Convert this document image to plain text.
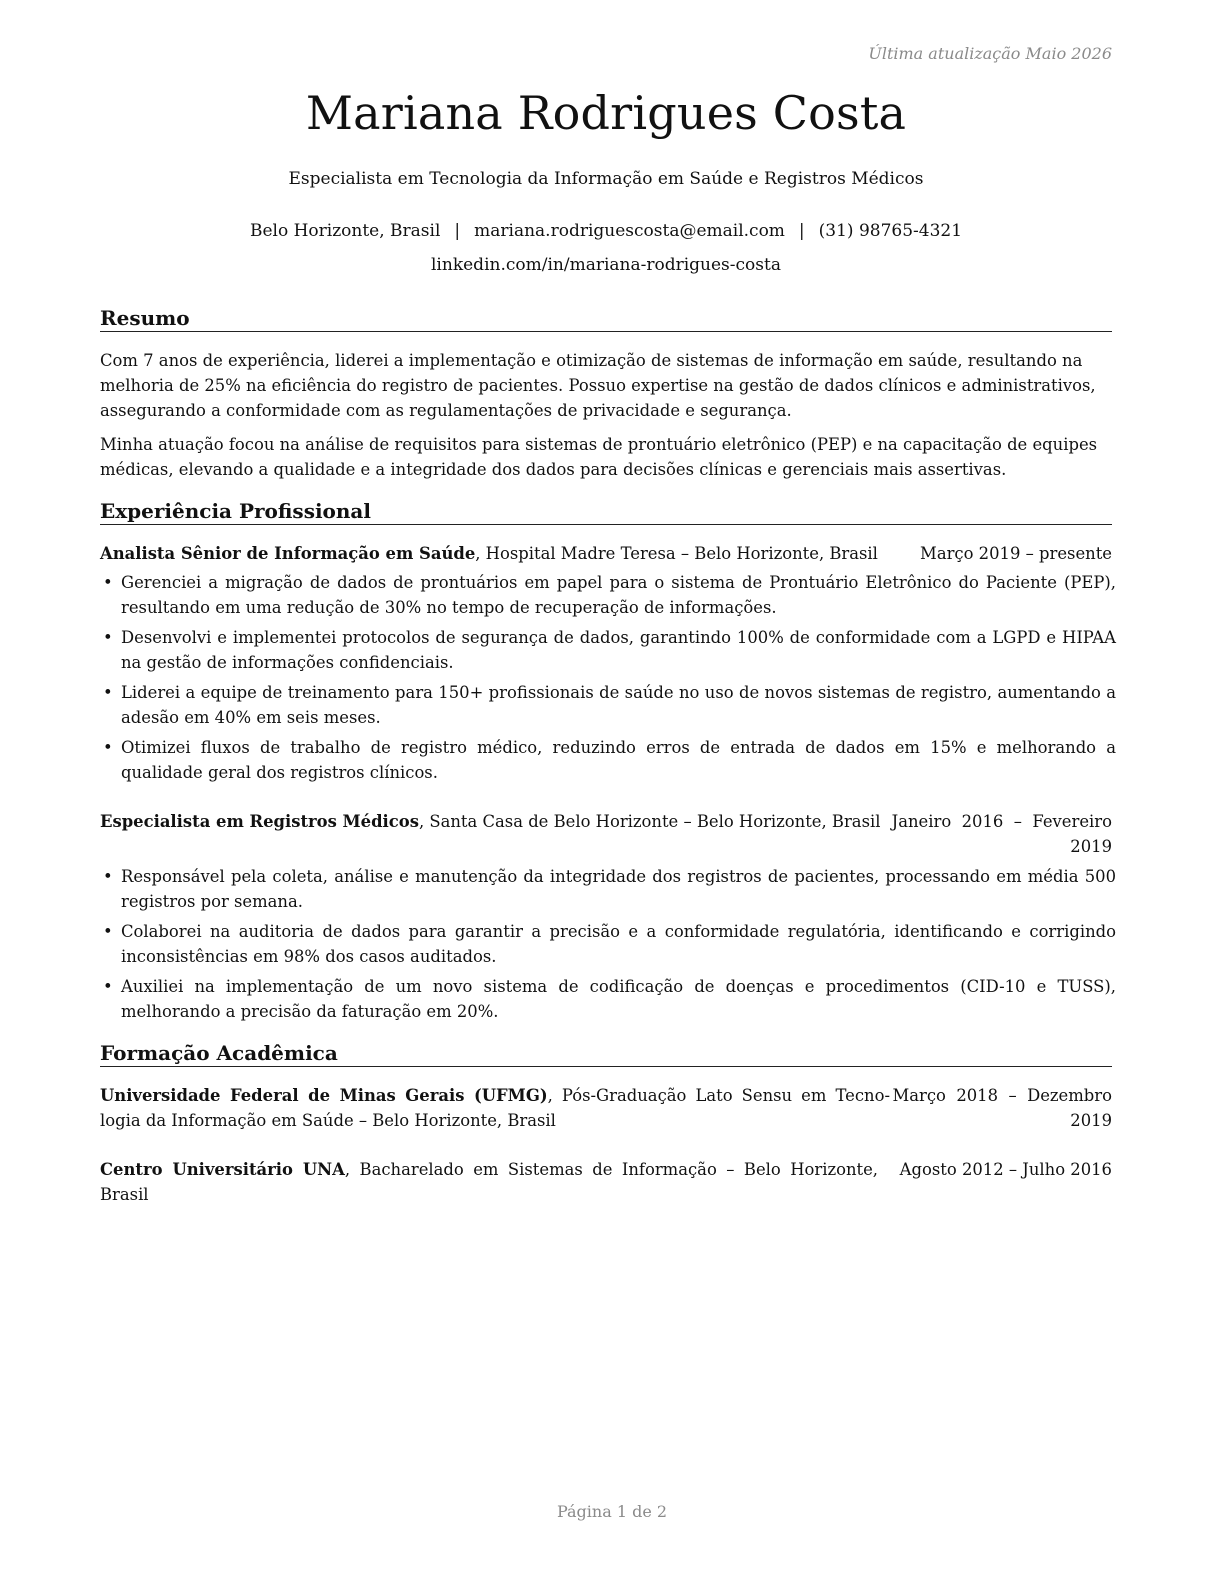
Última atualização Maio 2026
Mariana Rodrigues Costa
Especialista em Tecnologia da Informação em Saúde e Registros Médicos
Belo Horizonte, Brasil | mariana.rodriguescosta@email.com | (31) 98765-4321
linkedin.com/in/mariana-rodrigues-costa
Resumo
Com 7 anos de experiência, liderei a implementação e otimização de sistemas de informação em saúde, resultando na melhoria de 25% na eficiência do registro de pacientes. Possuo expertise na gestão de dados clínicos e administrativos, assegurando a conformidade com as regulamentações de privacidade e segurança.
Minha atuação focou na análise de requisitos para sistemas de prontuário eletrônico (PEP) e na capacitação de equipes médicas, elevando a qualidade e a integridade dos dados para decisões clínicas e gerenciais mais assertivas.
Experiência Profissional
Analista Sênior de Informação em Saúde, Hospital Madre Teresa – Belo Horizonte, Brasil	Março 2019 – presente
• Gerenciei a migração de dados de prontuários em papel para o sistema de Prontuário Eletrônico do Paciente (PEP), resultando em uma redução de 30% no tempo de recuperação de informações.
• Desenvolvi e implementei protocolos de segurança de dados, garantindo 100% de conformidade com a LGPD e HIPAA na gestão de informações confidenciais.
• Liderei a equipe de treinamento para 150+ profissionais de saúde no uso de novos sistemas de registro, aumentando a adesão em 40% em seis meses.
• Otimizei fluxos de trabalho de registro médico, reduzindo erros de entrada de dados em 15% e melhorando a qualidade geral dos registros clínicos.
Especialista em Registros Médicos, Santa Casa de Belo Horizonte – Belo Horizonte, Brasil Janeiro  2016  –  Fevereiro
2019
• Responsável pela coleta, análise e manutenção da integridade dos registros de pacientes, processando em média 500 registros por semana.
• Colaborei na auditoria de dados para garantir a precisão e a conformidade regulatória, identificando e corrigindo inconsistências em 98% dos casos auditados.
• Auxiliei na implementação de um novo sistema de codificação de doenças e procedimentos (CID-10 e TUSS), melhorando a precisão da faturação em 20%.
Formação Acadêmica
Universidade Federal de Minas Gerais (UFMG), Pós-Graduação Lato Sensu em Tecno-
logia da Informação em Saúde – Belo Horizonte, Brasil
Março  2018  –  Dezembro
2019
Centro Universitário UNA, Bacharelado em Sistemas de Informação – Belo Horizonte,
Brasil
Agosto 2012 – Julho 2016
Página 1 de 2
